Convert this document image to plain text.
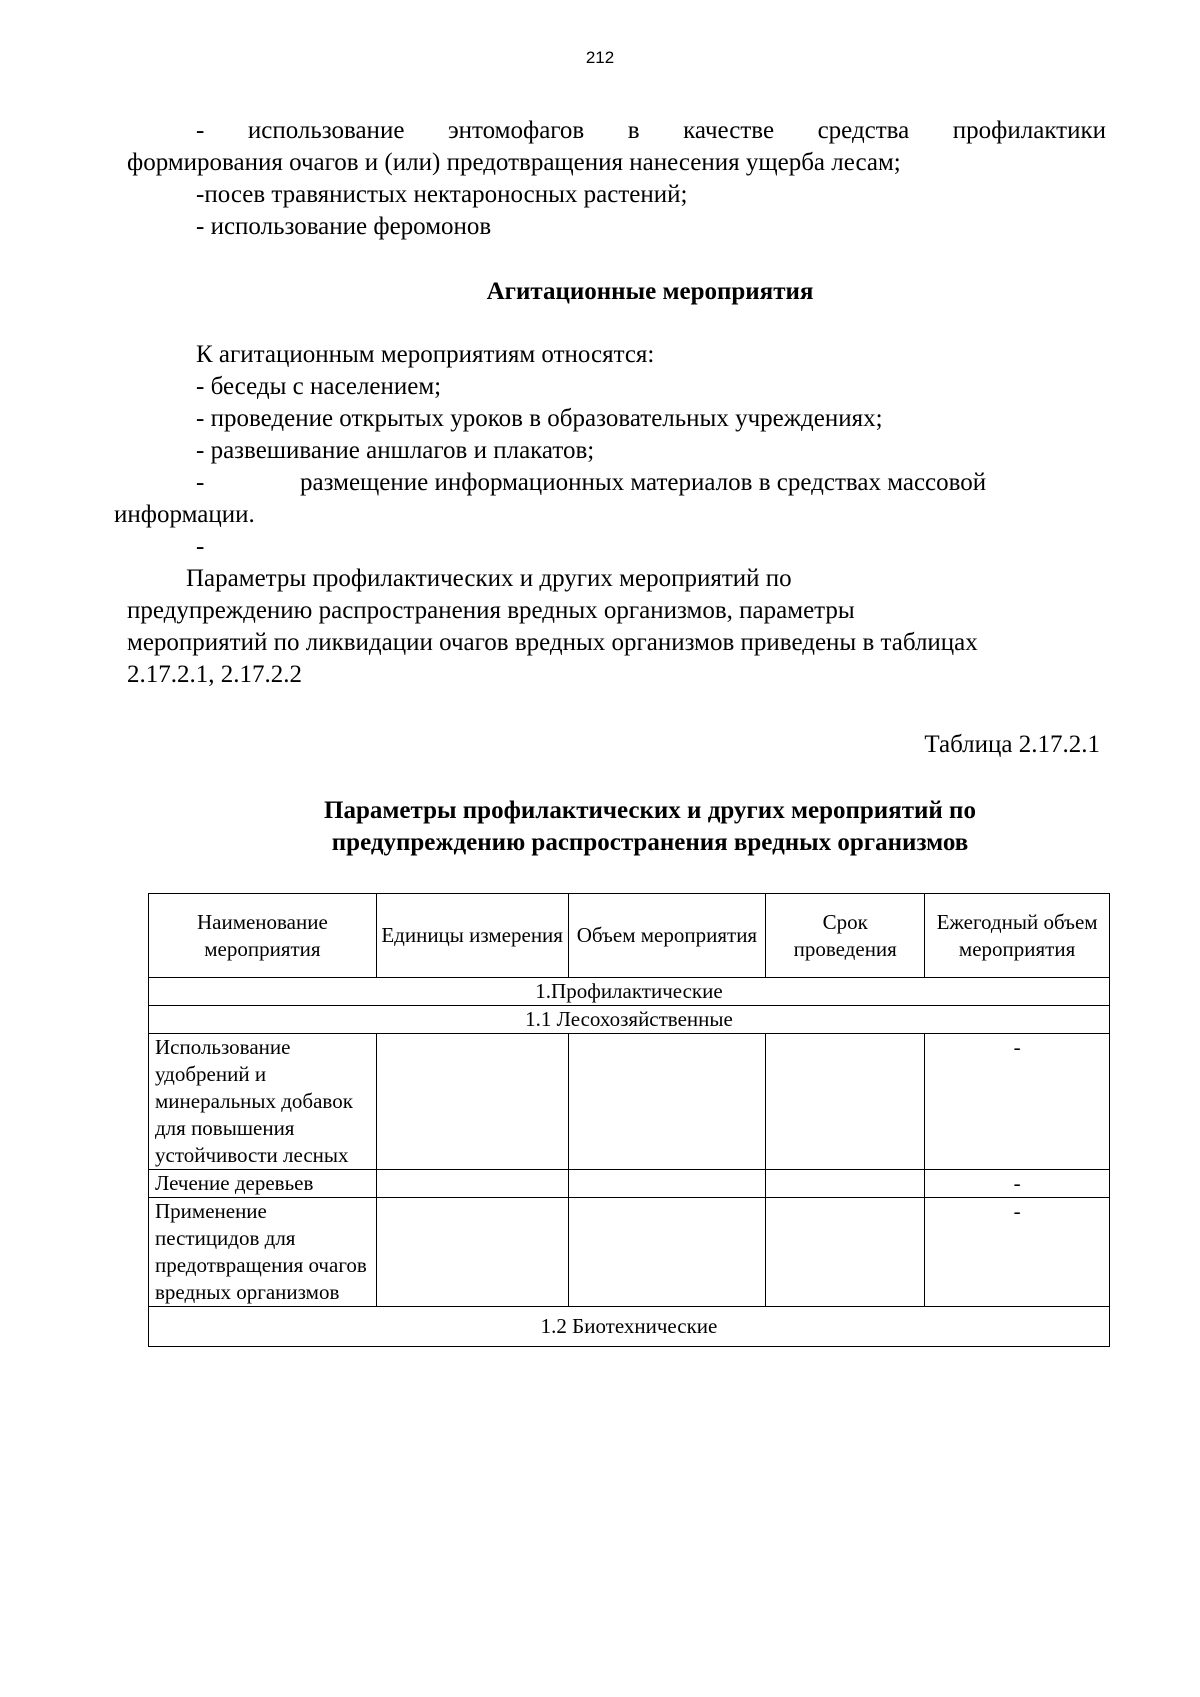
212
- использование энтомофагов в качестве средства профилактики
формирования очагов и (или) предотвращения нанесения ущерба лесам;
-посев травянистых нектароносных растений;
- использование феромонов
Агитационные мероприятия
К агитационным мероприятиям относятся:
- беседы с населением;
- проведение открытых уроков в образовательных учреждениях;
- развешивание аншлагов и плакатов;
-	размещение информационных материалов в средствах массовой
информации.
-
Параметры профилактических и других мероприятий по
предупреждению распространения вредных организмов, параметры
мероприятий по ликвидации очагов вредных организмов приведены в таблицах
2.17.2.1, 2.17.2.2
Таблица 2.17.2.1
Параметры профилактических и других мероприятий по
предупреждению распространения вредных организмов
Наименование мероприятия	Единицы измерения	Объем мероприятия	Срок проведения	Ежегодный объем мероприятия
1.Профилактические				
1.1 Лесохозяйственные				
Использование удобрений и минеральных добавок для повышения устойчивости лесных				-
Лечение деревьев				-
Применение пестицидов для предотвращения очагов вредных организмов				-
1.2 Биотехнические				
